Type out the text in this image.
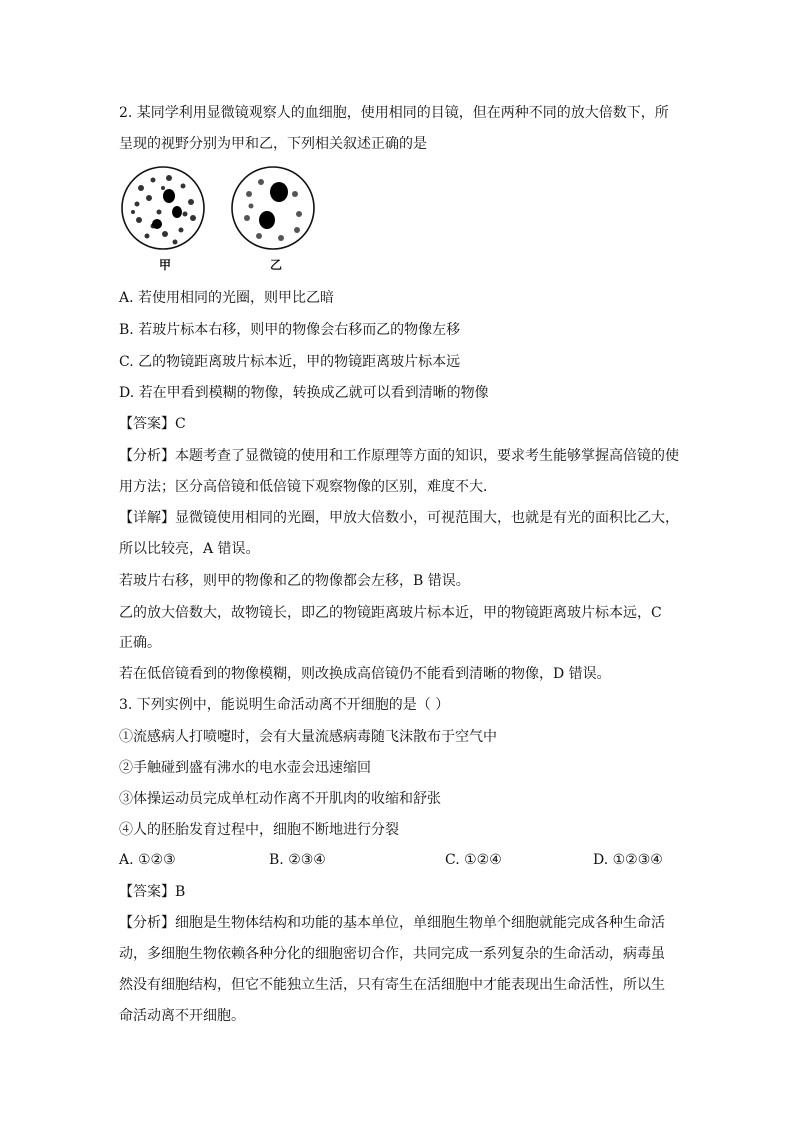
2. 某同学利用显微镜观察人的血细胞，使用相同的目镜，但在两种不同的放大倍数下，所
呈现的视野分别为甲和乙，下列相关叙述正确的是
甲	乙
A. 若使用相同的光圈，则甲比乙暗
B. 若玻片标本右移，则甲的物像会右移而乙的物像左移
C. 乙的物镜距离玻片标本近，甲的物镜距离玻片标本远
D. 若在甲看到模糊的物像，转换成乙就可以看到清晰的物像
【答案】C
【分析】本题考查了显微镜的使用和工作原理等方面的知识，要求考生能够掌握高倍镜的使
用方法；区分高倍镜和低倍镜下观察物像的区别，难度不大．
【详解】显微镜使用相同的光圈，甲放大倍数小，可视范围大，也就是有光的面积比乙大，
所以比较亮，A 错误。
若玻片右移，则甲的物像和乙的物像都会左移，B 错误。
乙的放大倍数大，故物镜长，即乙的物镜距离玻片标本近，甲的物镜距离玻片标本远，C
正确。
若在低倍镜看到的物像模糊，则改换成高倍镜仍不能看到清晰的物像，D 错误。
3. 下列实例中，能说明生命活动离不开细胞的是（ ）
①流感病人打喷嚏时，会有大量流感病毒随飞沫散布于空气中
②手触碰到盛有沸水的电水壶会迅速缩回
③体操运动员完成单杠动作离不开肌肉的收缩和舒张
④人的胚胎发育过程中，细胞不断地进行分裂
A. ①②③	B. ②③④	C. ①②④	D. ①②③④
【答案】B
【分析】细胞是生物体结构和功能的基本单位，单细胞生物单个细胞就能完成各种生命活
动，多细胞生物依赖各种分化的细胞密切合作，共同完成一系列复杂的生命活动，病毒虽
然没有细胞结构，但它不能独立生活，只有寄生在活细胞中才能表现出生命活性，所以生
命活动离不开细胞。
